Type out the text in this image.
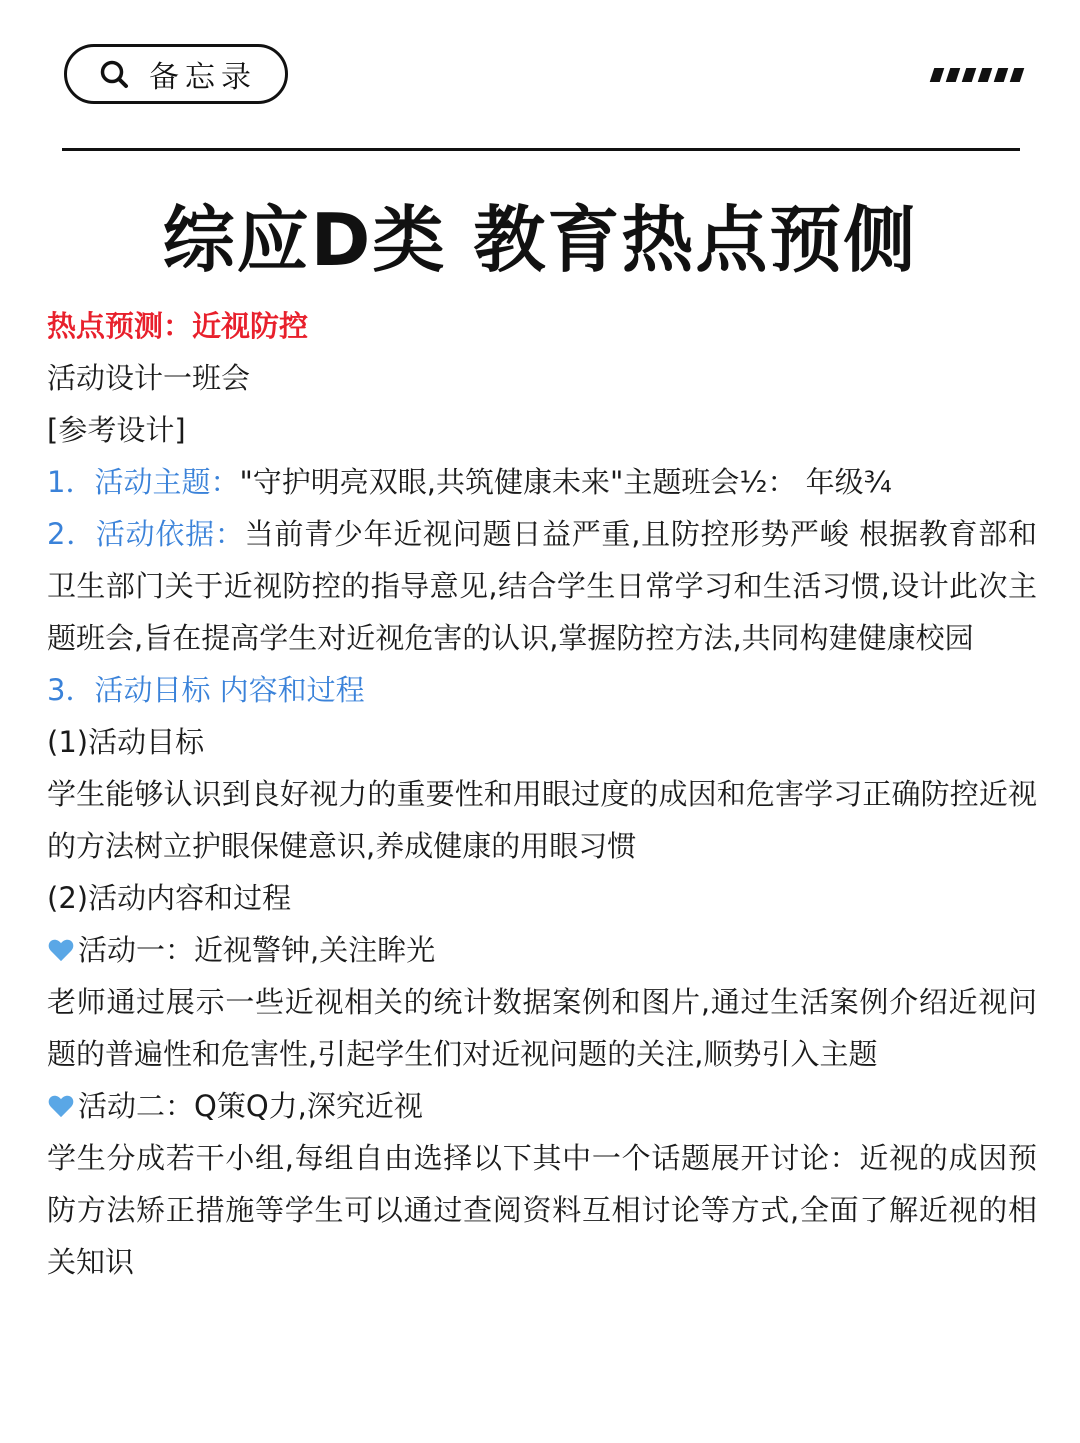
备忘录
综应D类 教育热点预侧

热点预测：近视防控

活动设计一班会

[参考设计]

1．活动主题："守护明亮双眼,共筑健康未来"主题班会½： 年级¾

2．活动依据：当前青少年近视问题日益严重,且防控形势严峻 根据教育部和卫生部门关于近视防控的指导意见,结合学生日常学习和生活习惯,设计此次主题班会,旨在提高学生对近视危害的认识,掌握防控方法,共同构建健康校园

3．活动目标 内容和过程

(1)活动目标

学生能够认识到良好视力的重要性和用眼过度的成因和危害学习正确防控近视的方法树立护眼保健意识,养成健康的用眼习惯

(2)活动内容和过程

活动一：近视警钟,关注眸光

老师通过展示一些近视相关的统计数据案例和图片,通过生活案例介绍近视问题的普遍性和危害性,引起学生们对近视问题的关注,顺势引入主题

活动二：Q策Q力,深究近视

学生分成若干小组,每组自由选择以下其中一个话题展开讨论：近视的成因预防方法矫正措施等学生可以通过查阅资料互相讨论等方式,全面了解近视的相关知识
